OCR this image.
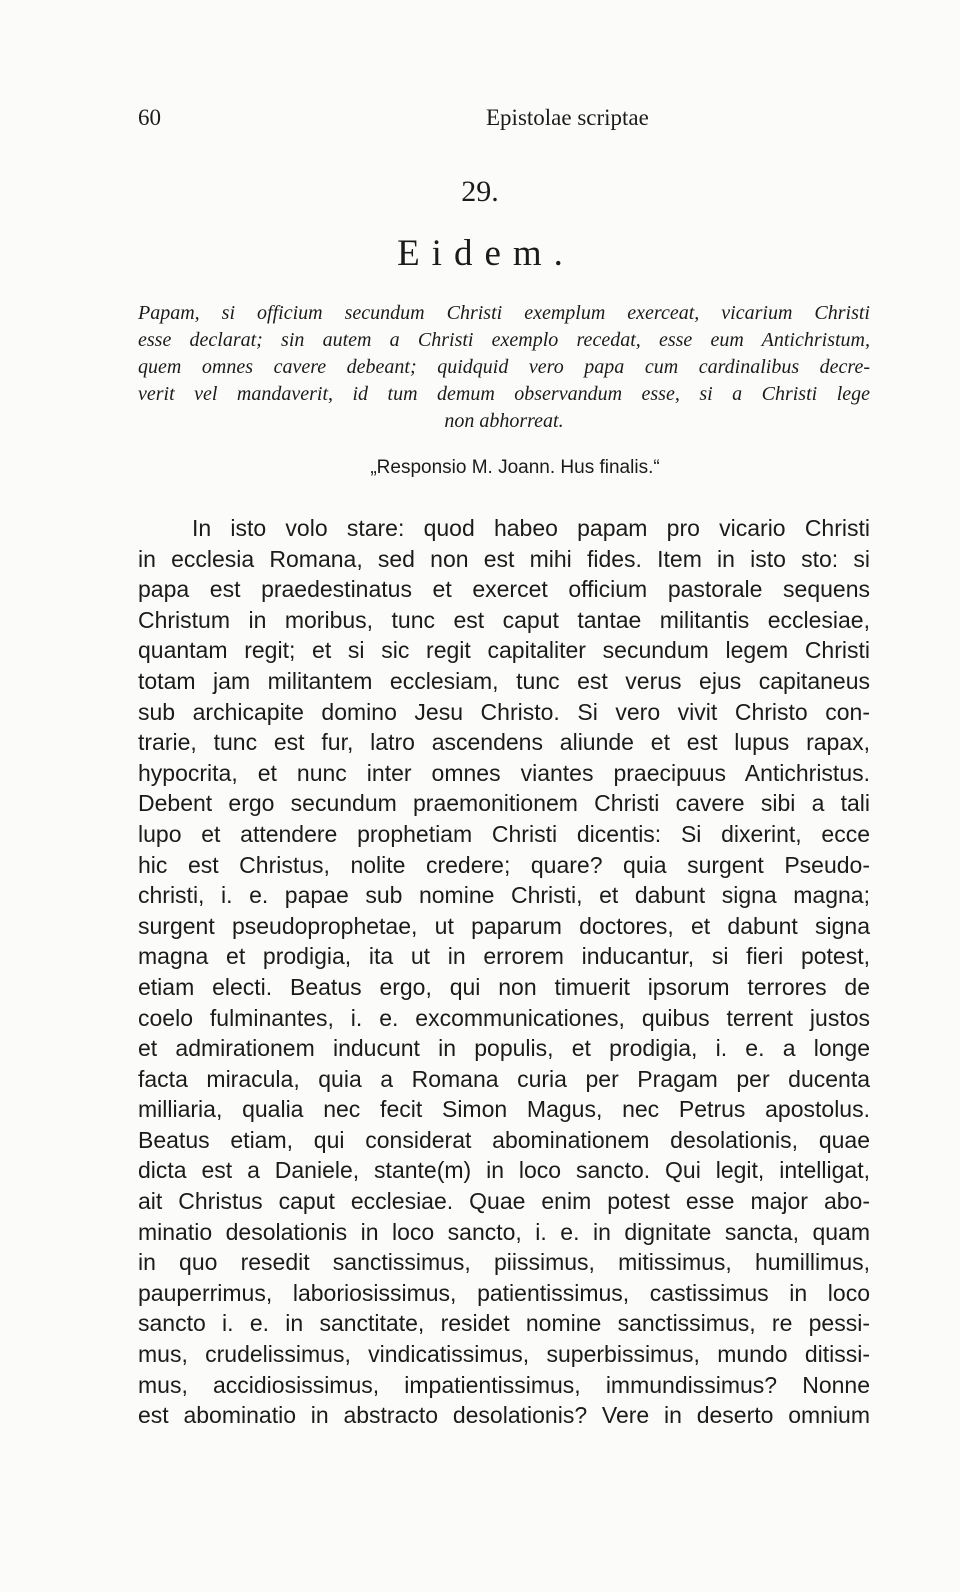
60	Epistolae scriptae
29.
Eidem.
Papam, si officium secundum Christi exemplum exerceat, vicarium Christi
esse declarat; sin autem a Christi exemplo recedat, esse eum Antichristum,
quem omnes cavere debeant; quidquid vero papa cum cardinalibus decre-
verit vel mandaverit, id tum demum observandum esse, si a Christi lege
non abhorreat.
„Responsio M. Joann. Hus finalis.“
In isto volo stare: quod habeo papam pro vicario Christi
in ecclesia Romana, sed non est mihi fides. Item in isto sto: si
papa est praedestinatus et exercet officium pastorale sequens
Christum in moribus, tunc est caput tantae militantis ecclesiae,
quantam regit; et si sic regit capitaliter secundum legem Christi
totam jam militantem ecclesiam, tunc est verus ejus capitaneus
sub archicapite domino Jesu Christo. Si vero vivit Christo con-
trarie, tunc est fur, latro ascendens aliunde et est lupus rapax,
hypocrita, et nunc inter omnes viantes praecipuus Antichristus.
Debent ergo secundum praemonitionem Christi cavere sibi a tali
lupo et attendere prophetiam Christi dicentis: Si dixerint, ecce
hic est Christus, nolite credere; quare? quia surgent Pseudo-
christi, i. e. papae sub nomine Christi, et dabunt signa magna;
surgent pseudoprophetae, ut paparum doctores, et dabunt signa
magna et prodigia, ita ut in errorem inducantur, si fieri potest,
etiam electi. Beatus ergo, qui non timuerit ipsorum terrores de
coelo fulminantes, i. e. excommunicationes, quibus terrent justos
et admirationem inducunt in populis, et prodigia, i. e. a longe
facta miracula, quia a Romana curia per Pragam per ducenta
milliaria, qualia nec fecit Simon Magus, nec Petrus apostolus.
Beatus etiam, qui considerat abominationem desolationis, quae
dicta est a Daniele, stante(m) in loco sancto. Qui legit, intelligat,
ait Christus caput ecclesiae. Quae enim potest esse major abo-
minatio desolationis in loco sancto, i. e. in dignitate sancta, quam
in quo resedit sanctissimus, piissimus, mitissimus, humillimus,
pauperrimus, laboriosissimus, patientissimus, castissimus in loco
sancto i. e. in sanctitate, residet nomine sanctissimus, re pessi-
mus, crudelissimus, vindicatissimus, superbissimus, mundo ditissi-
mus, accidiosissimus, impatientissimus, immundissimus? Nonne
est abominatio in abstracto desolationis? Vere in deserto omnium
